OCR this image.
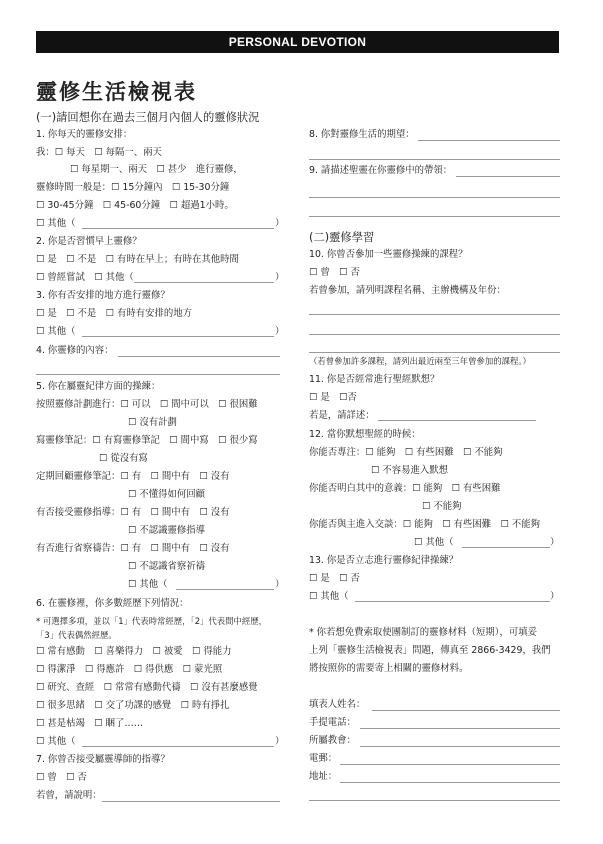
PERSONAL DEVOTION
靈修生活檢視表
(一)請回想你在過去三個月內個人的靈修狀況
1. 你每天的靈修安排：
我：☐ 每天　☐ 每隔一、兩天
☐ 每星期一、兩天　☐ 甚少　進行靈修，
靈修時間一般是：☐ 15分鐘內　☐ 15-30分鐘
☐ 30-45分鐘　☐ 45-60分鐘　☐ 超過1小時。
☐ 其他（	）
2. 你是否習慣早上靈修？
☐ 是　☐ 不是　☐ 有時在早上；有時在其他時間
☐ 曾經嘗試　☐ 其他（	）
3. 你有否安排的地方進行靈修？
☐ 是　☐ 不是　☐ 有時有安排的地方
☐ 其他（	）
4. 你靈修的內容：
5. 你在屬靈紀律方面的操練：
按照靈修計劃進行：☐ 可以　☐ 間中可以　☐ 很困難
☐ 沒有計劃
寫靈修筆記：☐ 有寫靈修筆記　☐ 間中寫　☐ 很少寫
☐ 從沒有寫
定期回顧靈修筆記：☐ 有　☐ 間中有　☐ 沒有
☐ 不懂得如何回顧
有否接受靈修指導：☐ 有　☐ 間中有　☐ 沒有
☐ 不認識靈修指導
有否進行省察禱告：☐ 有　☐ 間中有　☐ 沒有
☐ 不認識省察祈禱
☐ 其他（	）
6. 在靈修裡，你多數經歷下列情況：
* 可選擇多項，並以「1」代表時常經歷，「2」代表間中經歷，
「3」代表偶然經歷。
☐ 常有感動　☐ 喜樂得力　☐ 被愛　☐ 得能力
☐ 得潔淨　☐ 得應許　☐ 得供應　☐ 蒙光照
☐ 研究、查經　☐ 常常有感動代禱　☐ 沒有甚麼感覺
☐ 很多思緒　☐ 交了功課的感覺　☐ 時有掙扎
☐ 甚是枯竭　☐ 睏了……
☐ 其他（	）
7. 你曾否接受屬靈導師的指導？
☐ 曾　☐ 否
若曾，請說明：
8. 你對靈修生活的期望：
9. 請描述聖靈在你靈修中的帶領：
(二)靈修學習
10. 你曾否參加一些靈修操練的課程？
☐ 曾　☐ 否
若曾參加，請列明課程名稱、主辦機構及年份：
（若曾參加許多課程，請列出最近兩至三年曾參加的課程。）
11. 你是否經常進行聖經默想？
☐ 是　☐否
若是，請詳述：
12. 當你默想聖經的時候：
你能否專注：☐ 能夠　☐ 有些困難　☐ 不能夠
☐ 不容易進入默想
你能否明白其中的意義：☐ 能夠　☐ 有些困難
☐ 不能夠
你能否與主進入交談：☐ 能夠　☐ 有些困難　☐ 不能夠
☐ 其他（	）
13. 你是否立志進行靈修紀律操練？
☐ 是　☐ 否
☐ 其他（	）
* 你若想免費索取使團制訂的靈修材料（短期），可填妥
上列「靈修生活檢視表」問題，傳真至 2866-3429，我們
將按照你的需要寄上相關的靈修材料。
填表人姓名：
手提電話：
所屬教會：
電郵：
地址：
